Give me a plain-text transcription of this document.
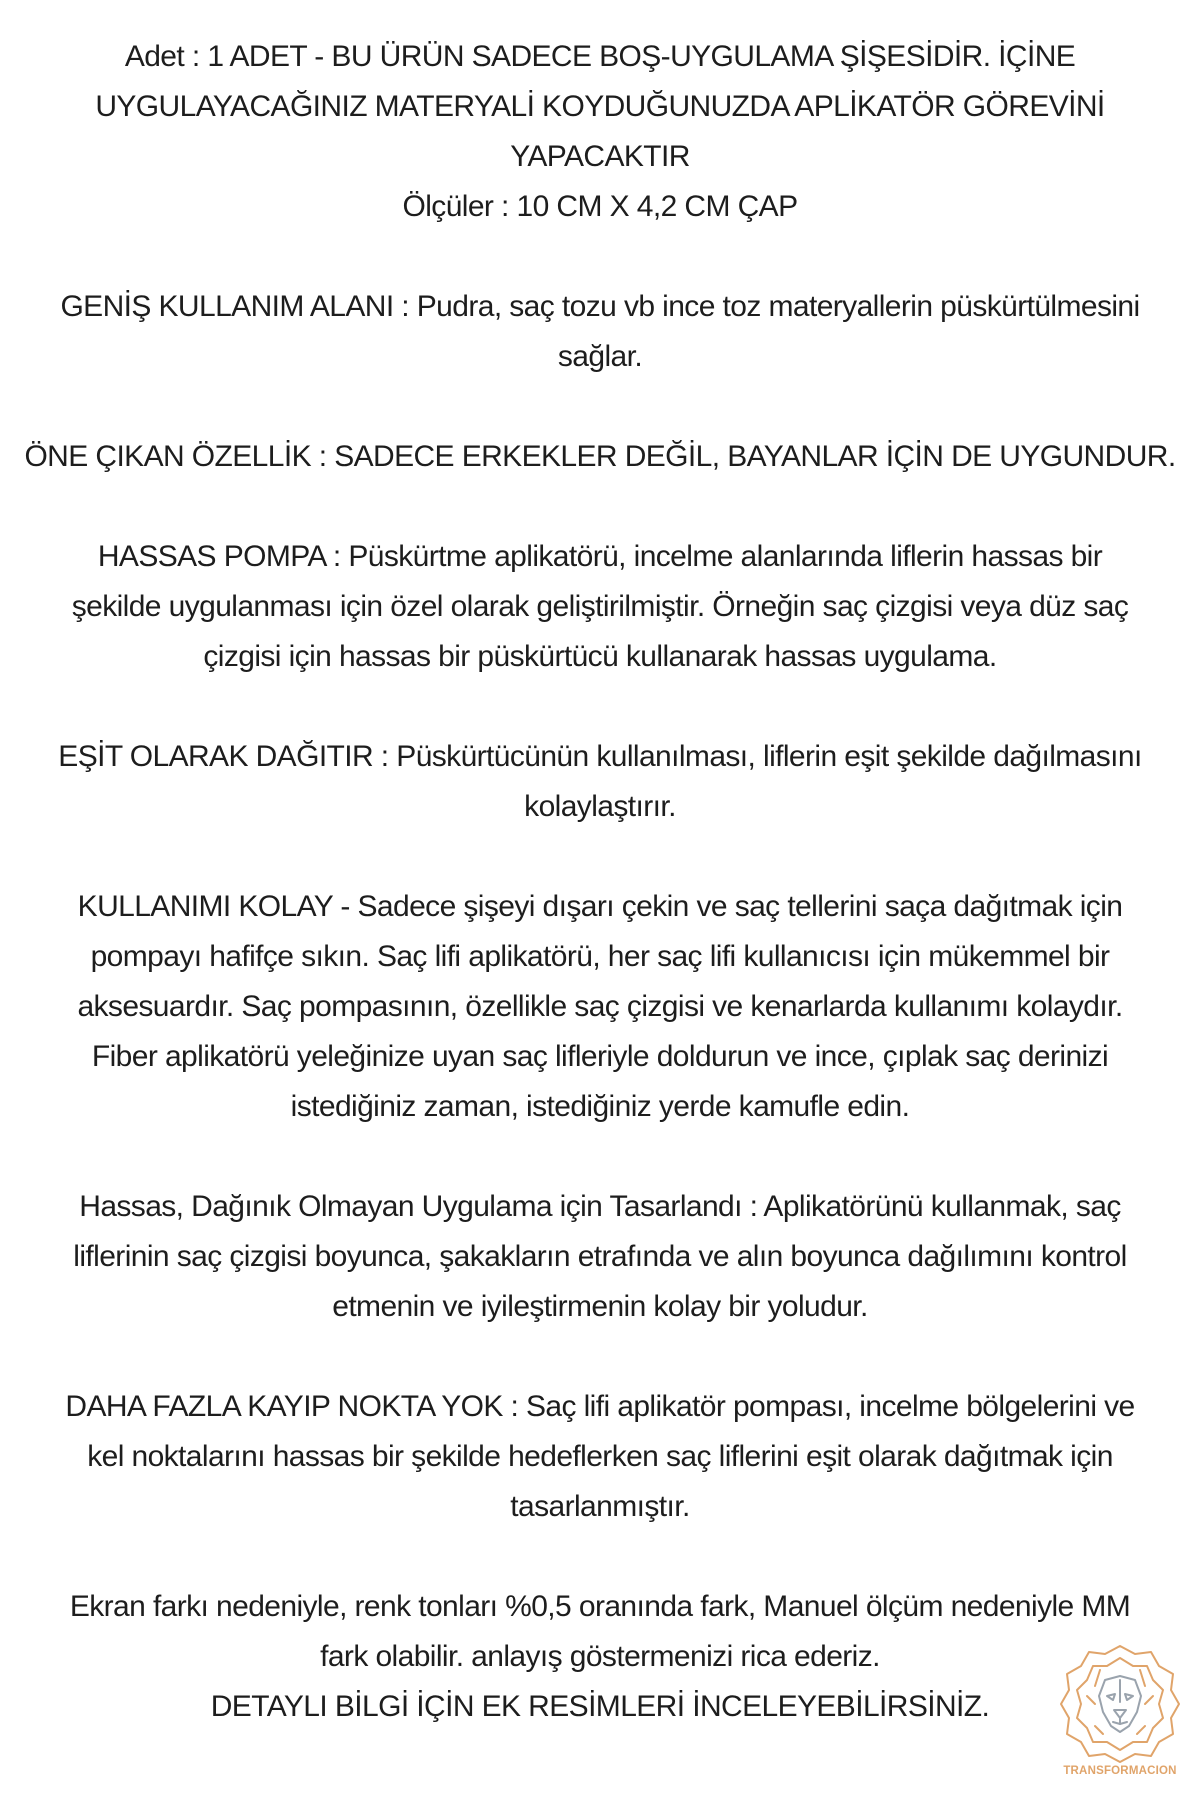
Adet : 1 ADET - BU ÜRÜN SADECE BOŞ-UYGULAMA ŞİŞESİDİR. İÇİNE
UYGULAYACAĞINIZ MATERYALİ KOYDUĞUNUZDA APLİKATÖR GÖREVİNİ YAPACAKTIR
Ölçüler : 10 CM X 4,2 CM ÇAP

GENİŞ KULLANIM ALANI : Pudra, saç tozu vb ince toz materyallerin püskürtülmesini
sağlar.

ÖNE ÇIKAN ÖZELLİK : SADECE ERKEKLER DEĞİL, BAYANLAR İÇİN DE UYGUNDUR.

HASSAS POMPA : Püskürtme aplikatörü, incelme alanlarında liflerin hassas bir
şekilde uygulanması için özel olarak geliştirilmiştir. Örneğin saç çizgisi veya düz saç
çizgisi için hassas bir püskürtücü kullanarak hassas uygulama.

EŞİT OLARAK DAĞITIR : Püskürtücünün kullanılması, liflerin eşit şekilde dağılmasını
kolaylaştırır.

KULLANIMI KOLAY - Sadece şişeyi dışarı çekin ve saç tellerini saça dağıtmak için
pompayı hafifçe sıkın. Saç lifi aplikatörü, her saç lifi kullanıcısı için mükemmel bir
aksesuardır. Saç pompasının, özellikle saç çizgisi ve kenarlarda kullanımı kolaydır.
Fiber aplikatörü yeleğinize uyan saç lifleriyle doldurun ve ince, çıplak saç derinizi
istediğiniz zaman, istediğiniz yerde kamufle edin.

Hassas, Dağınık Olmayan Uygulama için Tasarlandı : Aplikatörünü kullanmak, saç
liflerinin saç çizgisi boyunca, şakakların etrafında ve alın boyunca dağılımını kontrol
etmenin ve iyileştirmenin kolay bir yoludur.

DAHA FAZLA KAYIP NOKTA YOK : Saç lifi aplikatör pompası, incelme bölgelerini ve
kel noktalarını hassas bir şekilde hedeflerken saç liflerini eşit olarak dağıtmak için
tasarlanmıştır.

Ekran farkı nedeniyle, renk tonları %0,5 oranında fark, Manuel ölçüm nedeniyle MM
fark olabilir. anlayış göstermenizi rica ederiz.
DETAYLI BİLGİ İÇİN EK RESİMLERİ İNCELEYEBİLİRSİNİZ.

TRANSFORMACION
